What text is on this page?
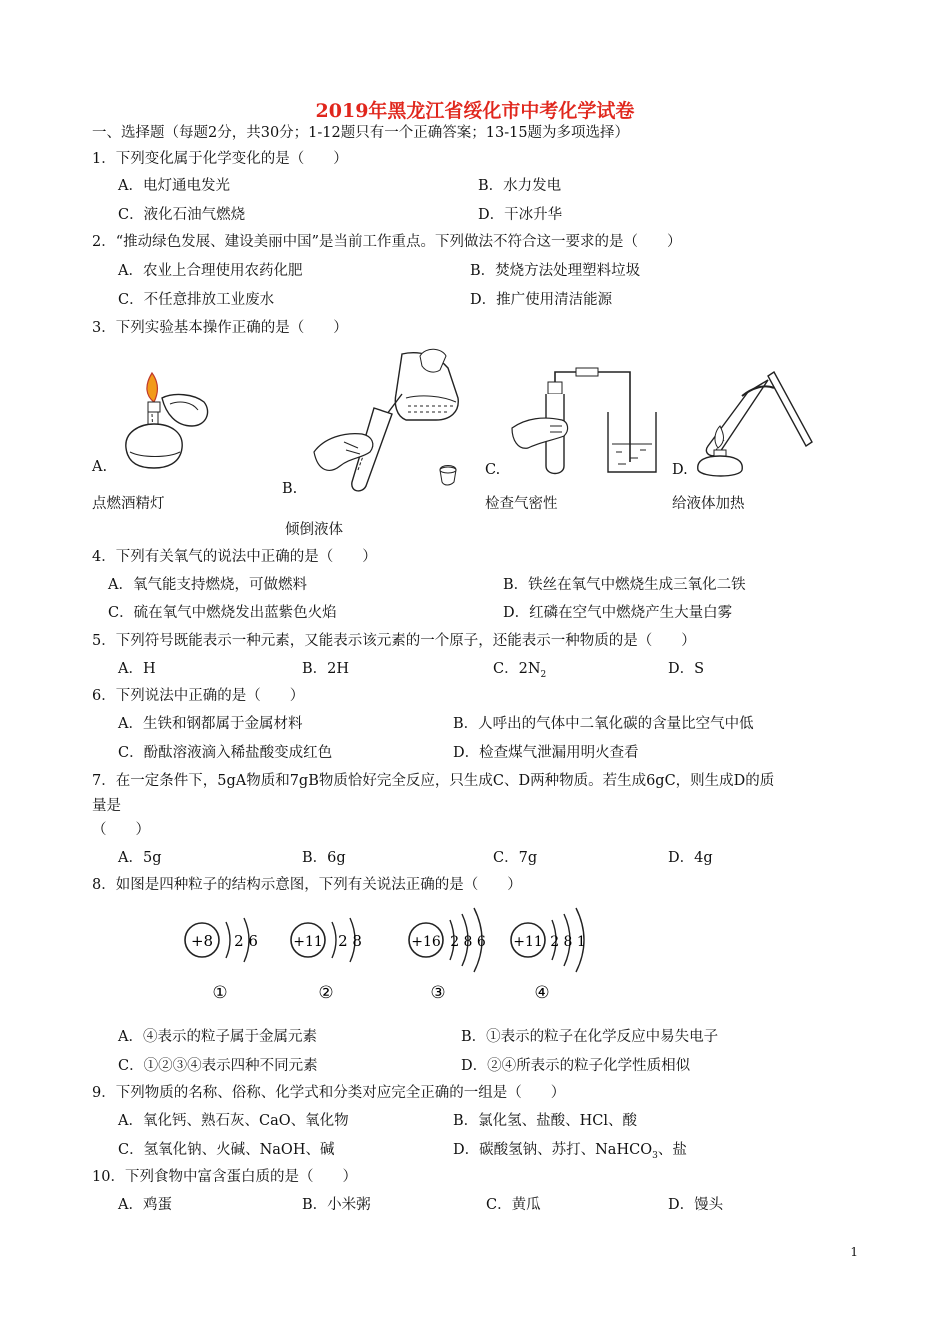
2019年黑龙江省绥化市中考化学试卷
一、选择题（每题2分，共30分；1-12题只有一个正确答案；13-15题为多项选择）
1．下列变化属于化学变化的是（　　）
A．电灯通电发光	B．水力发电
C．液化石油气燃烧	D．干冰升华
2．“推动绿色发展、建设美丽中国”是当前工作重点。下列做法不符合这一要求的是（　　）
A．农业上合理使用农药化肥	B．焚烧方法处理塑料垃圾
C．不任意排放工业废水	D．推广使用清洁能源
3．下列实验基本操作正确的是（　　）
A.
点燃酒精灯
B.
倾倒液体
C.
检查气密性
D.
给液体加热
4．下列有关氧气的说法中正确的是（　　）
A．氧气能支持燃烧，可做燃料	B．铁丝在氧气中燃烧生成三氧化二铁
C．硫在氧气中燃烧发出蓝紫色火焰	D．红磷在空气中燃烧产生大量白雾
5．下列符号既能表示一种元素，又能表示该元素的一个原子，还能表示一种物质的是（　　）
A．H	B．2H	C．$2N_2$	D．S
6．下列说法中正确的是（　　）
A．生铁和钢都属于金属材料	B．人呼出的气体中二氧化碳的含量比空气中低
C．酚酞溶液滴入稀盐酸变成红色	D．检查煤气泄漏用明火查看
7．在一定条件下，5gA物质和7gB物质恰好完全反应，只生成C、D两种物质。若生成6gC，则生成D的质
量是
（　　）
A．5g	B．6g	C．7g	D．4g
8．如图是四种粒子的结构示意图，下列有关说法正确的是（　　）
+8 2 6
①
+11 2 8
②
+16 2 8 6
③
+11 2 8 1
④
A．④表示的粒子属于金属元素	B．①表示的粒子在化学反应中易失电子
C．①②③④表示四种不同元素	D．②④所表示的粒子化学性质相似
9．下列物质的名称、俗称、化学式和分类对应完全正确的一组是（　　）
A．氧化钙、熟石灰、CaO、氧化物	B．氯化氢、盐酸、HCl、酸
C．氢氧化钠、火碱、NaOH、碱	D．碳酸氢钠、苏打、NaHCO$_3$、盐
10．下列食物中富含蛋白质的是（　　）
A．鸡蛋	B．小米粥	C．黄瓜	D．馒头
1
